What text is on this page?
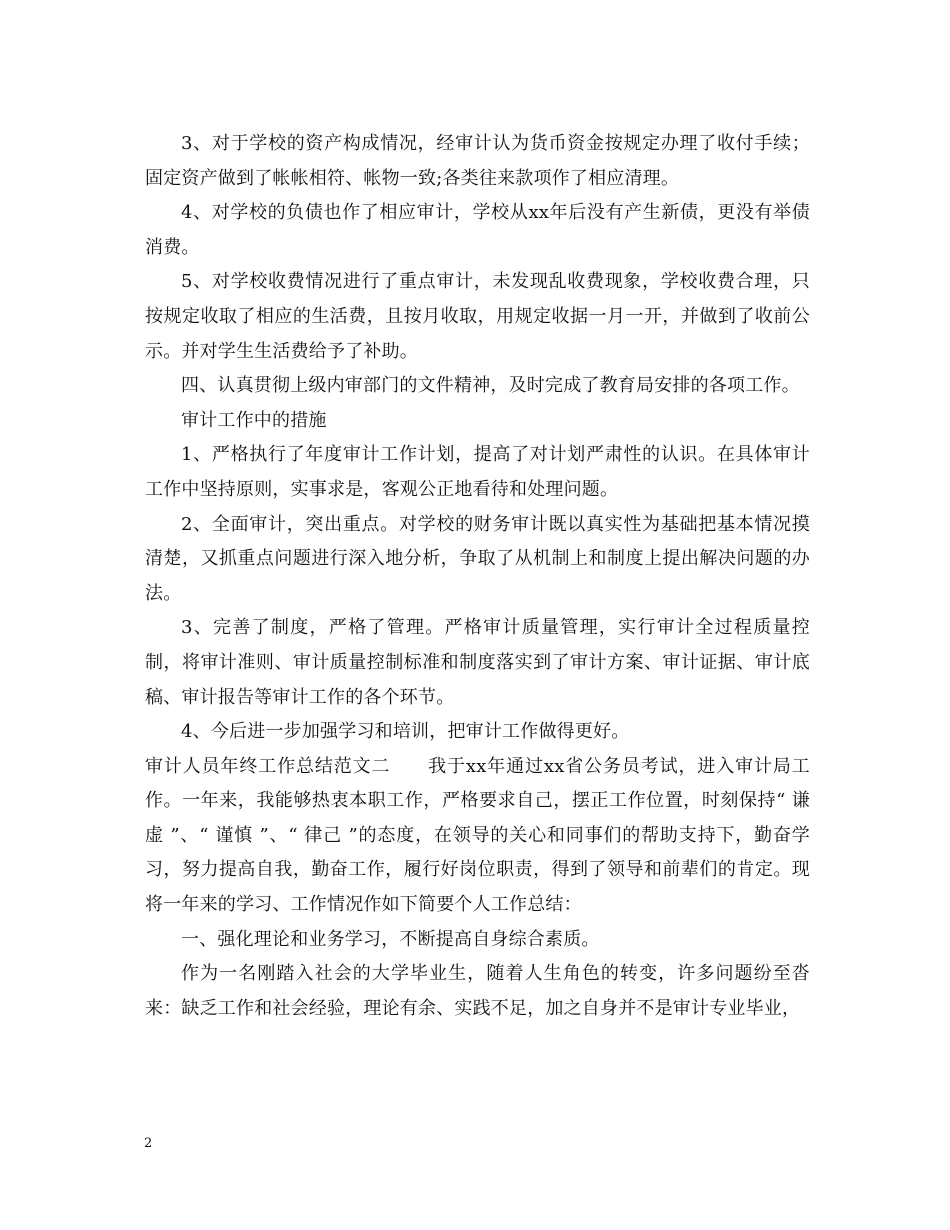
3、对于学校的资产构成情况，经审计认为货币资金按规定办理了收付手续；固定资产做到了帐帐相符、帐物一致;各类往来款项作了相应清理。

4、对学校的负债也作了相应审计，学校从xx年后没有产生新债，更没有举债消费。

5、对学校收费情况进行了重点审计，未发现乱收费现象，学校收费合理，只按规定收取了相应的生活费，且按月收取，用规定收据一月一开，并做到了收前公示。并对学生生活费给予了补助。

四、认真贯彻上级内审部门的文件精神，及时完成了教育局安排的各项工作。

审计工作中的措施

1、严格执行了年度审计工作计划，提高了对计划严肃性的认识。在具体审计工作中坚持原则，实事求是，客观公正地看待和处理问题。

2、全面审计，突出重点。对学校的财务审计既以真实性为基础把基本情况摸清楚，又抓重点问题进行深入地分析，争取了从机制上和制度上提出解决问题的办法。

3、完善了制度，严格了管理。严格审计质量管理，实行审计全过程质量控制，将审计准则、审计质量控制标准和制度落实到了审计方案、审计证据、审计底稿、审计报告等审计工作的各个环节。

4、今后进一步加强学习和培训，把审计工作做得更好。

审计人员年终工作总结范文二　　我于xx年通过xx省公务员考试，进入审计局工作。一年来，我能够热衷本职工作，严格要求自己，摆正工作位置，时刻保持“ 谦虚 ”、“ 谨慎 ”、“ 律己 ”的态度，在领导的关心和同事们的帮助支持下，勤奋学习，努力提高自我，勤奋工作，履行好岗位职责，得到了领导和前辈们的肯定。现将一年来的学习、工作情况作如下简要个人工作总结：

一、强化理论和业务学习，不断提高自身综合素质。

作为一名刚踏入社会的大学毕业生，随着人生角色的转变，许多问题纷至沓来：缺乏工作和社会经验，理论有余、实践不足，加之自身并不是审计专业毕业，

2
